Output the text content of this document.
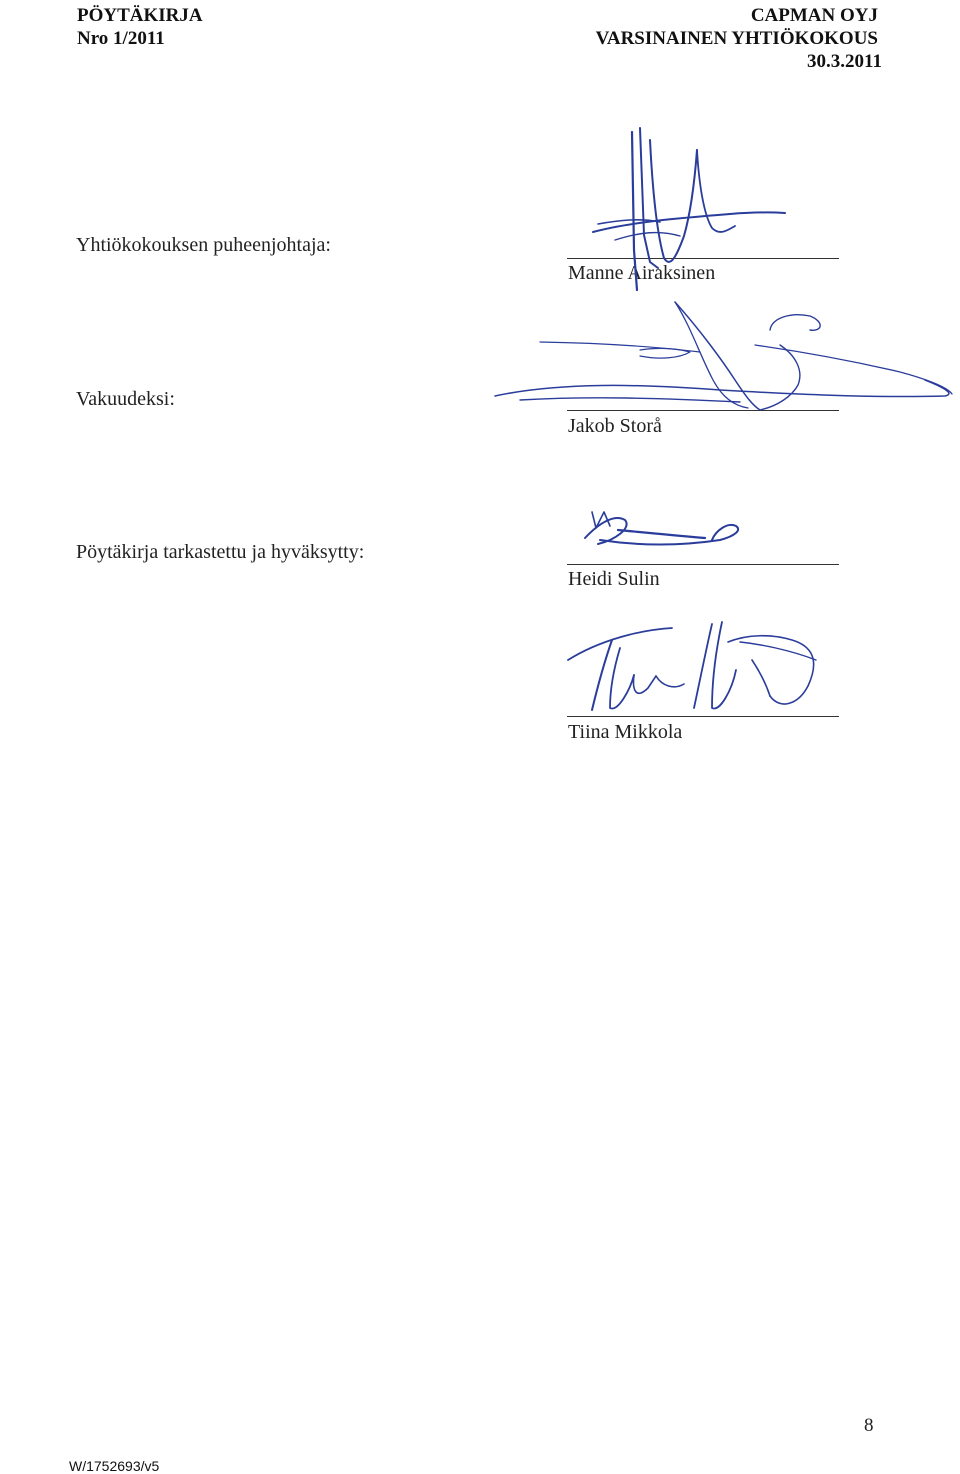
PÖYTÄKIRJA
Nro 1/2011
CAPMAN OYJ
VARSINAINEN YHTIÖKOKOUS
30.3.2011
Yhtiökokouksen puheenjohtaja:
Manne Airaksinen
Vakuudeksi:
Jakob Storå
Pöytäkirja tarkastettu ja hyväksytty:
Heidi Sulin
Tiina Mikkola
8
W/1752693/v5
